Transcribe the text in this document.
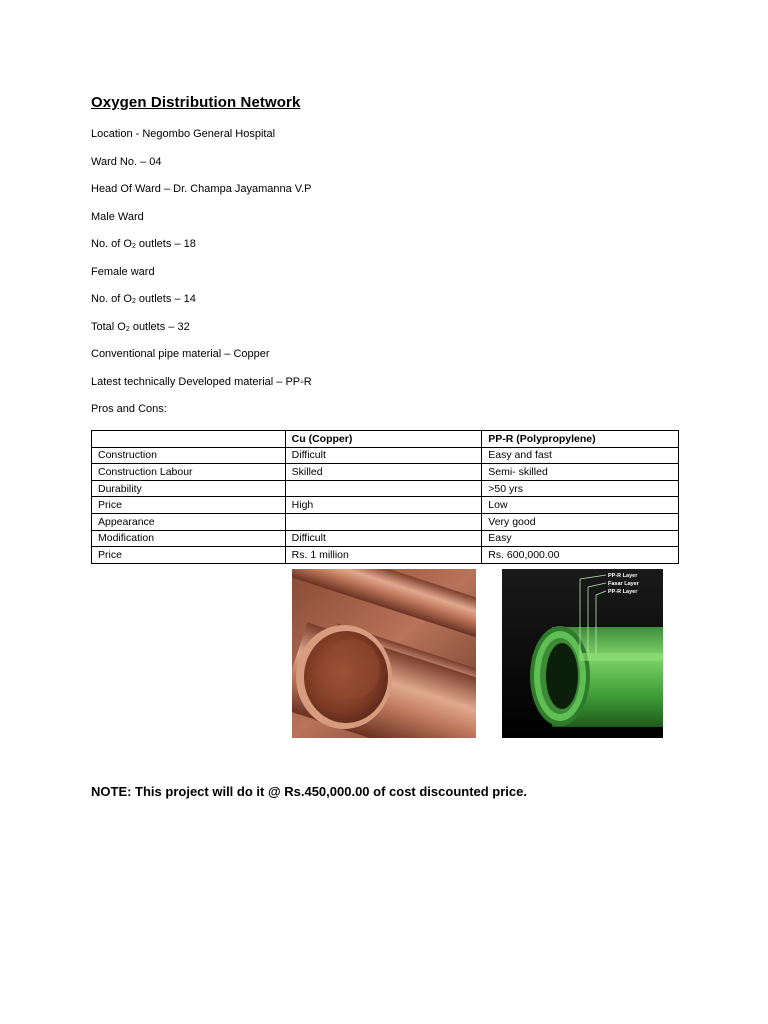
Oxygen Distribution Network
Location - Negombo General Hospital
Ward No. – 04
Head Of Ward – Dr. Champa Jayamanna V.P
Male Ward
No. of $O_2$ outlets – 18
Female ward
No. of $O_2$ outlets – 14
Total $O_2$ outlets – 32
Conventional pipe material – Copper
Latest technically Developed material – PP-R
Pros and Cons:
	Cu (Copper)	PP-R (Polypropylene)
Construction	Difficult	Easy and fast
Construction Labour	Skilled	Semi- skilled
Durability		>50 yrs
Price	High	Low
Appearance		Very good
Modification	Difficult	Easy
Price	Rs. 1 million	Rs. 600,000.00
PP-R Layer
Fasar Layer
PP-R Layer
NOTE: This project will do it @ Rs.450,000.00 of cost discounted price.
